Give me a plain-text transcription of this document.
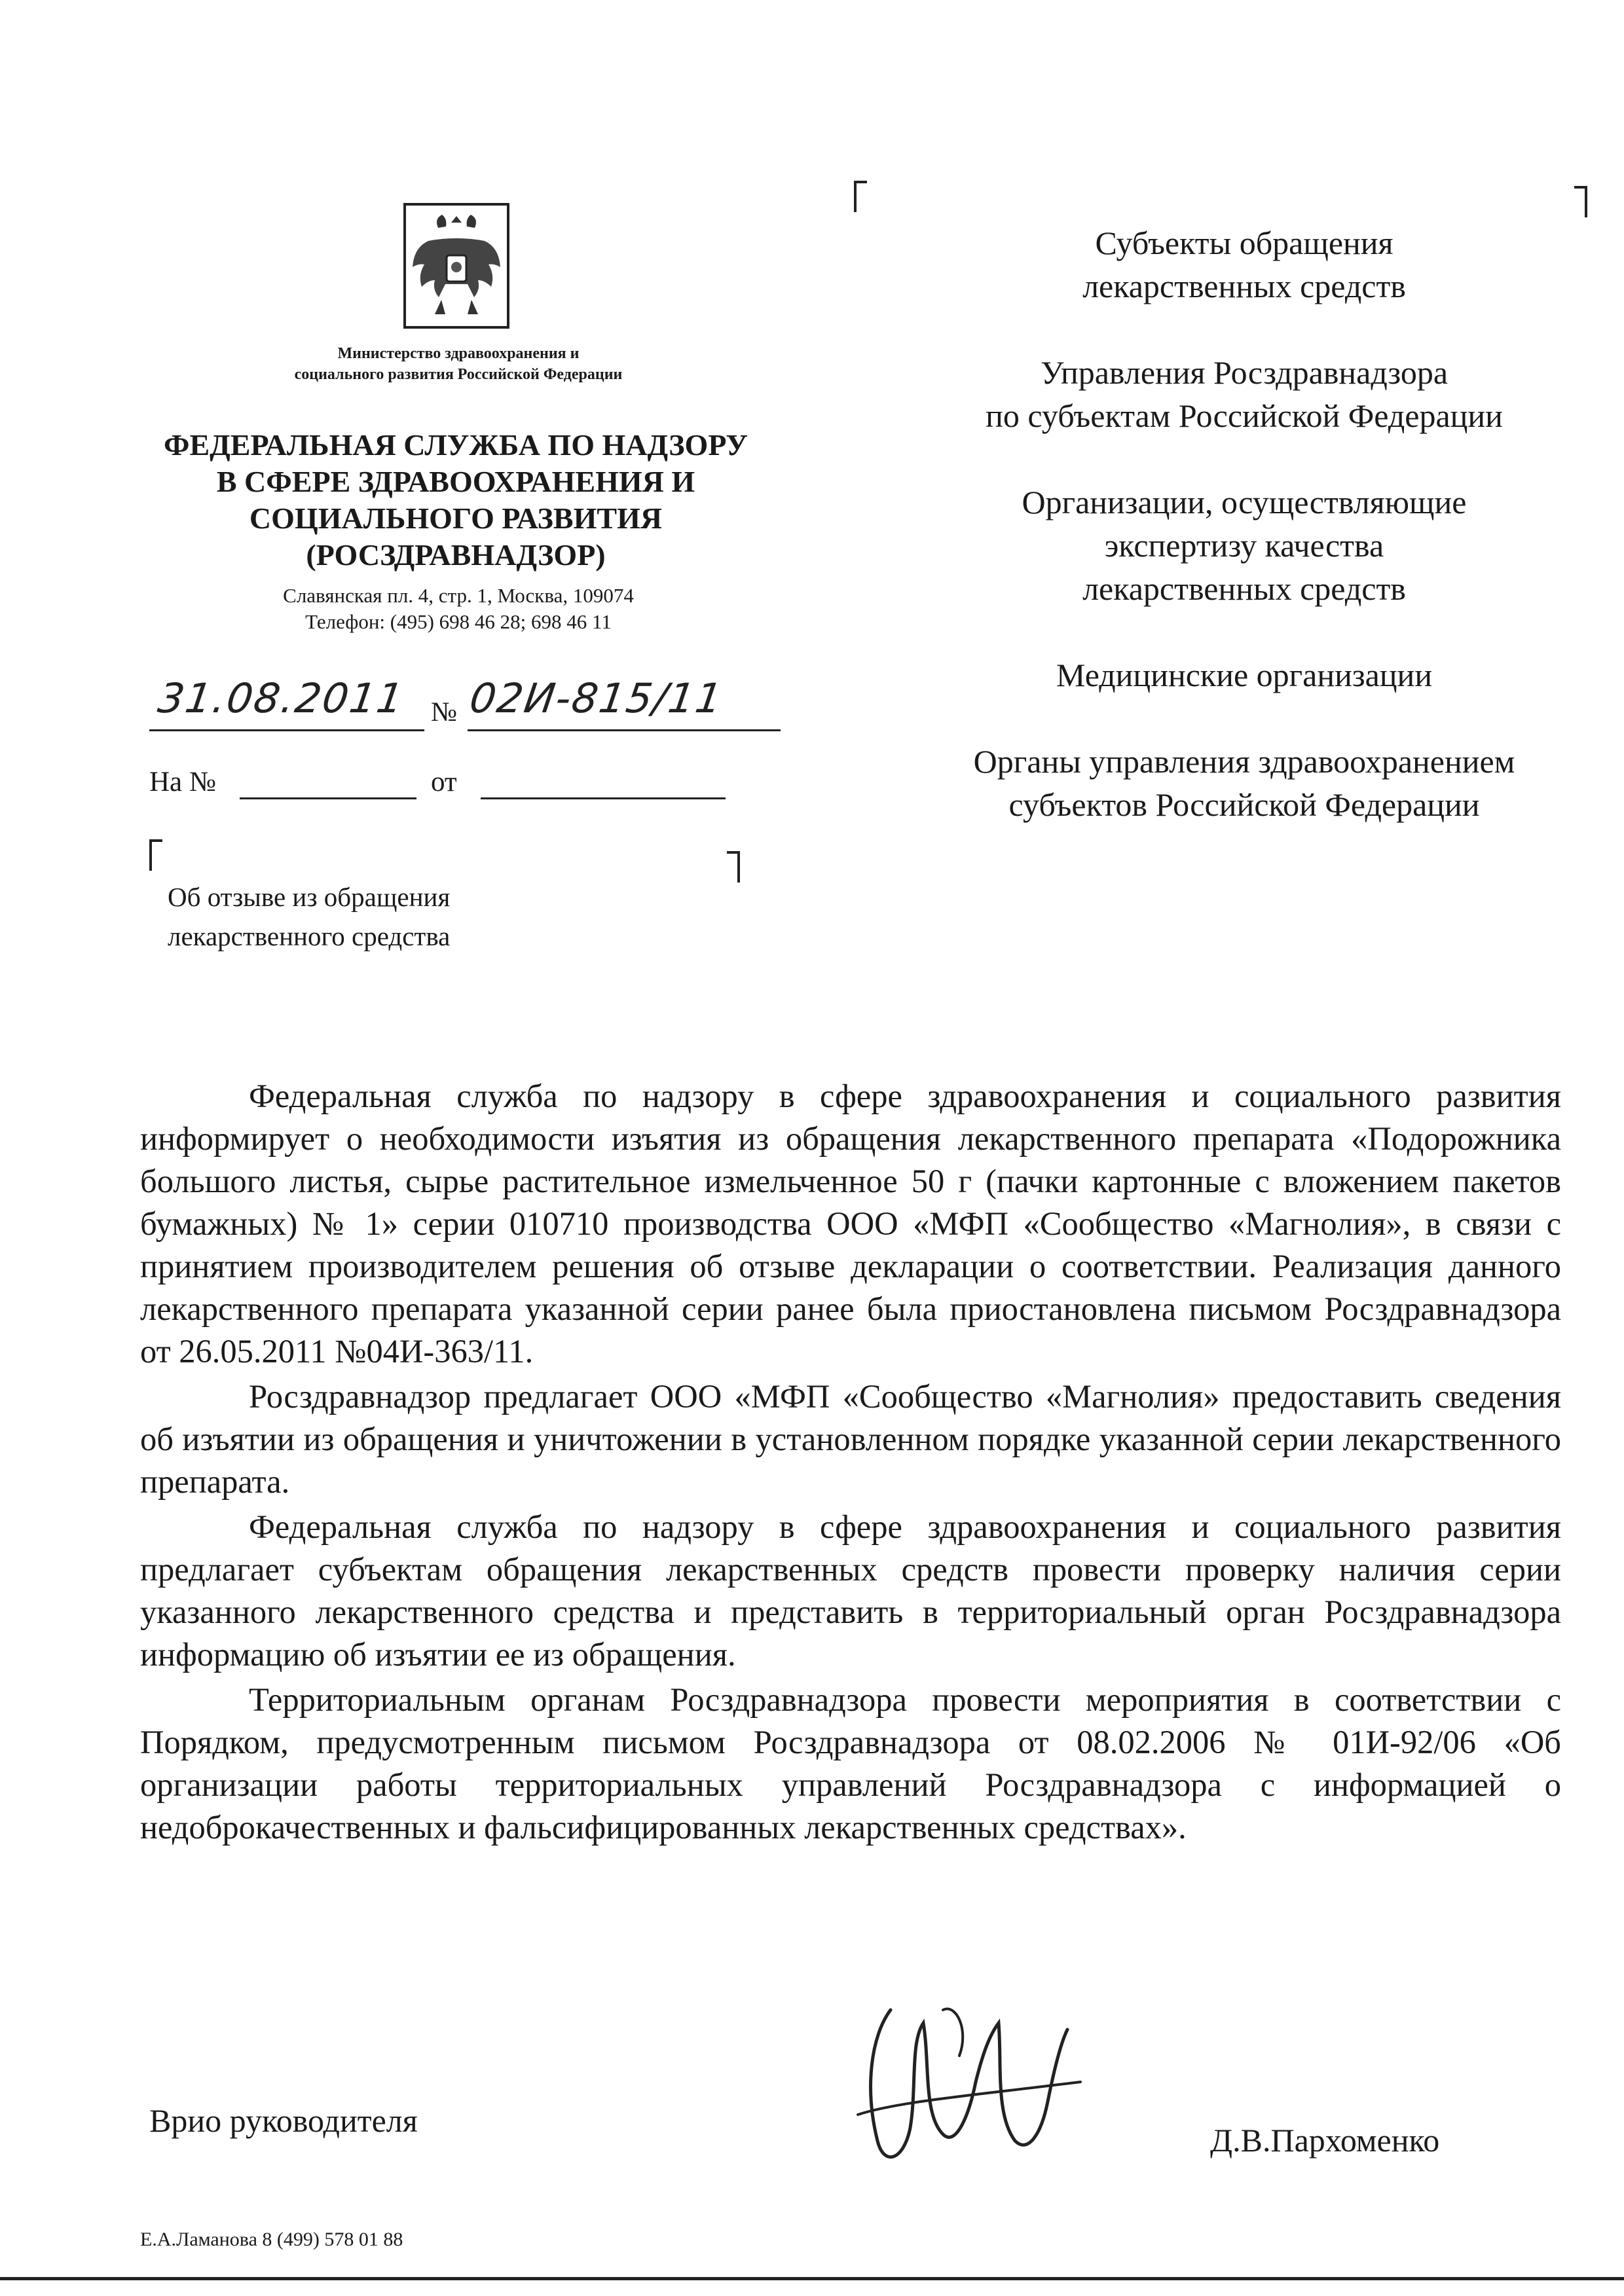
Министерство здравоохранения и
социального развития Российской Федерации
ФЕДЕРАЛЬНАЯ СЛУЖБА ПО НАДЗОРУ
В СФЕРЕ ЗДРАВООХРАНЕНИЯ И
СОЦИАЛЬНОГО РАЗВИТИЯ
(РОСЗДРАВНАДЗОР)
Славянская пл. 4, стр. 1, Москва, 109074
Телефон: (495) 698 46 28; 698 46 11
31.08.2011 № 02И-815/11
На №	от
Об отзыве из обращения
лекарственного средства
Субъекты обращения
лекарственных средств
Управления Росздравнадзора
по субъектам Российской Федерации
Организации, осуществляющие
экспертизу качества
лекарственных средств
Медицинские организации
Органы управления здравоохранением
субъектов Российской Федерации

Федеральная служба по надзору в сфере здравоохранения и социального развития информирует о необходимости изъятия из обращения лекарственного препарата «Подорожника большого листья, сырье растительное измельченное 50 г (пачки картонные с вложением пакетов бумажных) № 1» серии 010710 производства ООО «МФП «Сообщество «Магнолия», в связи с принятием производителем решения об отзыве декларации о соответствии. Реализация данного лекарственного препарата указанной серии ранее была приостановлена письмом Росздравнадзора от 26.05.2011 №04И-363/11.

Росздравнадзор предлагает ООО «МФП «Сообщество «Магнолия» предоставить сведения об изъятии из обращения и уничтожении в установленном порядке указанной серии лекарственного препарата.

Федеральная служба по надзору в сфере здравоохранения и социального развития предлагает субъектам обращения лекарственных средств провести проверку наличия серии указанного лекарственного средства и представить в территориальный орган Росздравнадзора информацию об изъятии ее из обращения.

Территориальным органам Росздравнадзора провести мероприятия в соответствии с Порядком, предусмотренным письмом Росздравнадзора от 08.02.2006 № 01И-92/06 «Об организации работы территориальных управлений Росздравнадзора с информацией о недоброкачественных и фальсифицированных лекарственных средствах».

Врио руководителя
Д.В.Пархоменко
Е.А.Ламанова 8 (499) 578 01 88
